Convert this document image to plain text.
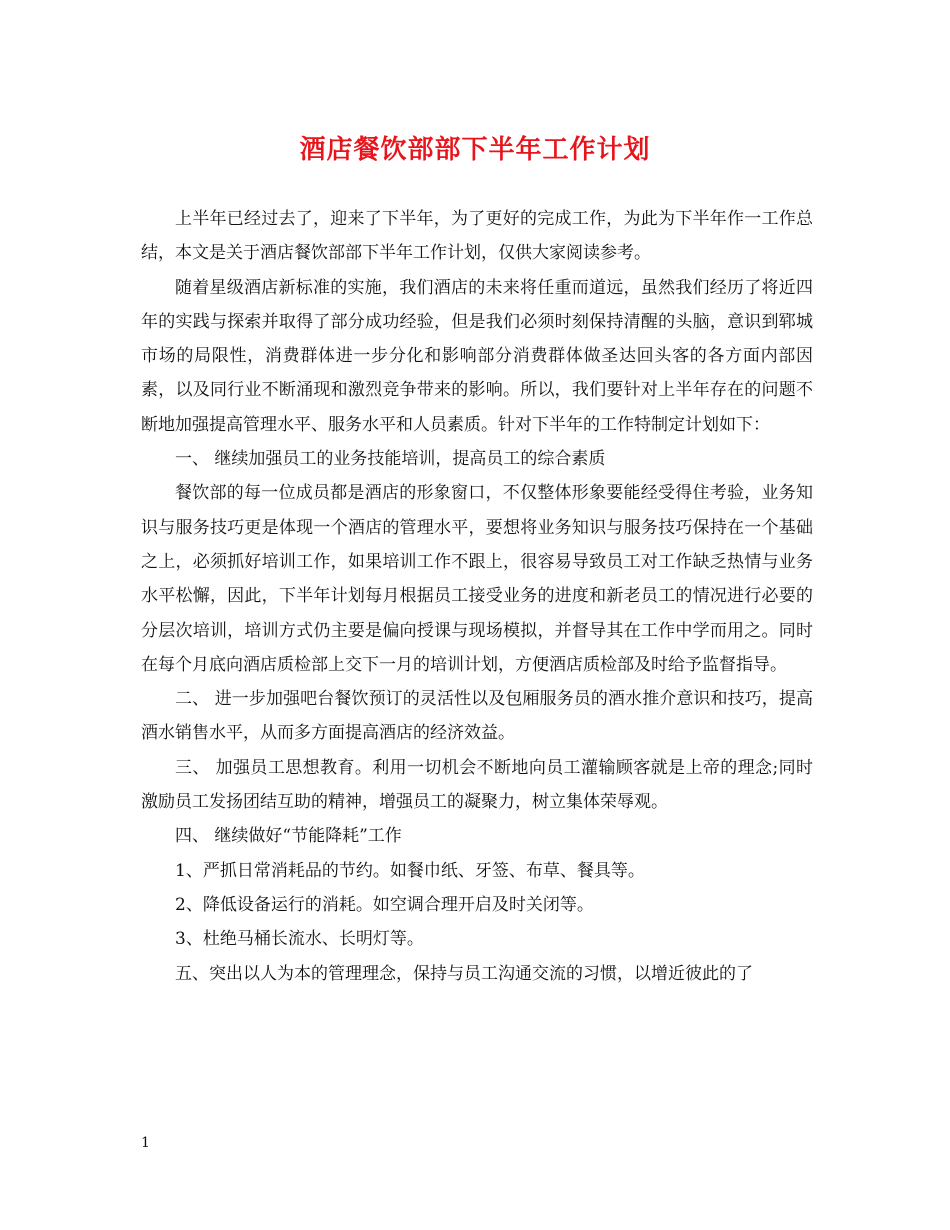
酒店餐饮部部下半年工作计划

上半年已经过去了，迎来了下半年，为了更好的完成工作，为此为下半年作一工作总结，本文是关于酒店餐饮部部下半年工作计划，仅供大家阅读参考。

随着星级酒店新标准的实施，我们酒店的未来将任重而道远，虽然我们经历了将近四年的实践与探索并取得了部分成功经验，但是我们必须时刻保持清醒的头脑，意识到郓城市场的局限性，消费群体进一步分化和影响部分消费群体做圣达回头客的各方面内部因素，以及同行业不断涌现和激烈竞争带来的影响。所以，我们要针对上半年存在的问题不断地加强提高管理水平、服务水平和人员素质。针对下半年的工作特制定计划如下：

一、 继续加强员工的业务技能培训，提高员工的综合素质

餐饮部的每一位成员都是酒店的形象窗口，不仅整体形象要能经受得住考验，业务知识与服务技巧更是体现一个酒店的管理水平，要想将业务知识与服务技巧保持在一个基础之上，必须抓好培训工作，如果培训工作不跟上，很容易导致员工对工作缺乏热情与业务水平松懈，因此，下半年计划每月根据员工接受业务的进度和新老员工的情况进行必要的分层次培训，培训方式仍主要是偏向授课与现场模拟，并督导其在工作中学而用之。同时在每个月底向酒店质检部上交下一月的培训计划，方便酒店质检部及时给予监督指导。

二、 进一步加强吧台餐饮预订的灵活性以及包厢服务员的酒水推介意识和技巧，提高酒水销售水平，从而多方面提高酒店的经济效益。

三、 加强员工思想教育。利用一切机会不断地向员工灌输顾客就是上帝的理念;同时激励员工发扬团结互助的精神，增强员工的凝聚力，树立集体荣辱观。

四、 继续做好“节能降耗”工作

1、严抓日常消耗品的节约。如餐巾纸、牙签、布草、餐具等。

2、降低设备运行的消耗。如空调合理开启及时关闭等。

3、杜绝马桶长流水、长明灯等。

五、突出以人为本的管理理念，保持与员工沟通交流的习惯，以增近彼此的了

1
